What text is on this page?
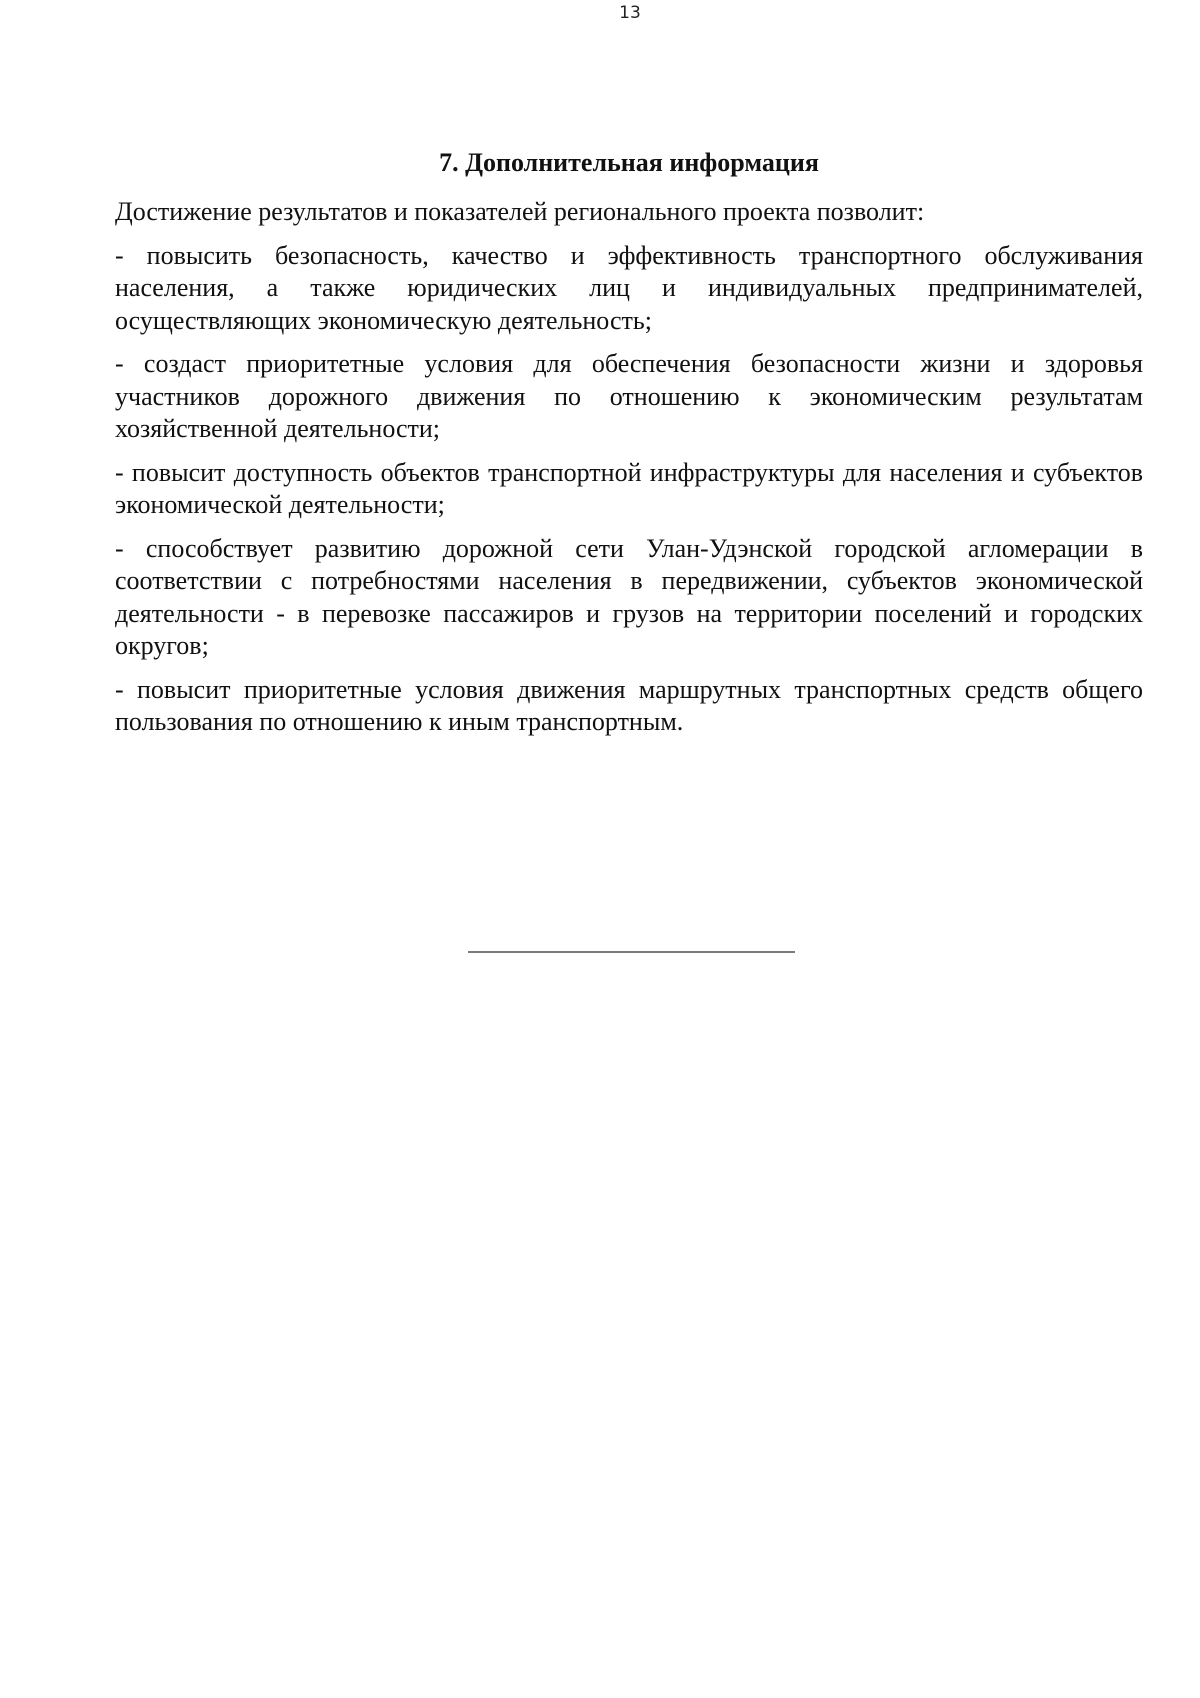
13
7. Дополнительная информация

Достижение результатов и показателей регионального проекта позволит:

- повысить безопасность, качество и эффективность транспортного обслуживания населения, а также юридических лиц и индивидуальных предпринимателей, осуществляющих экономическую деятельность;

- создаст приоритетные условия для обеспечения безопасности жизни и здоровья участников дорожного движения по отношению к экономическим результатам хозяйственной деятельности;

- повысит доступность объектов транспортной инфраструктуры для населения и субъектов экономической деятельности;

- способствует развитию дорожной сети Улан-Удэнской городской агломерации в соответствии с потребностями населения в передвижении, субъектов экономической деятельности - в перевозке пассажиров и грузов на территории поселений и городских округов;

- повысит приоритетные условия движения маршрутных транспортных средств общего пользования по отношению к иным транспортным.
